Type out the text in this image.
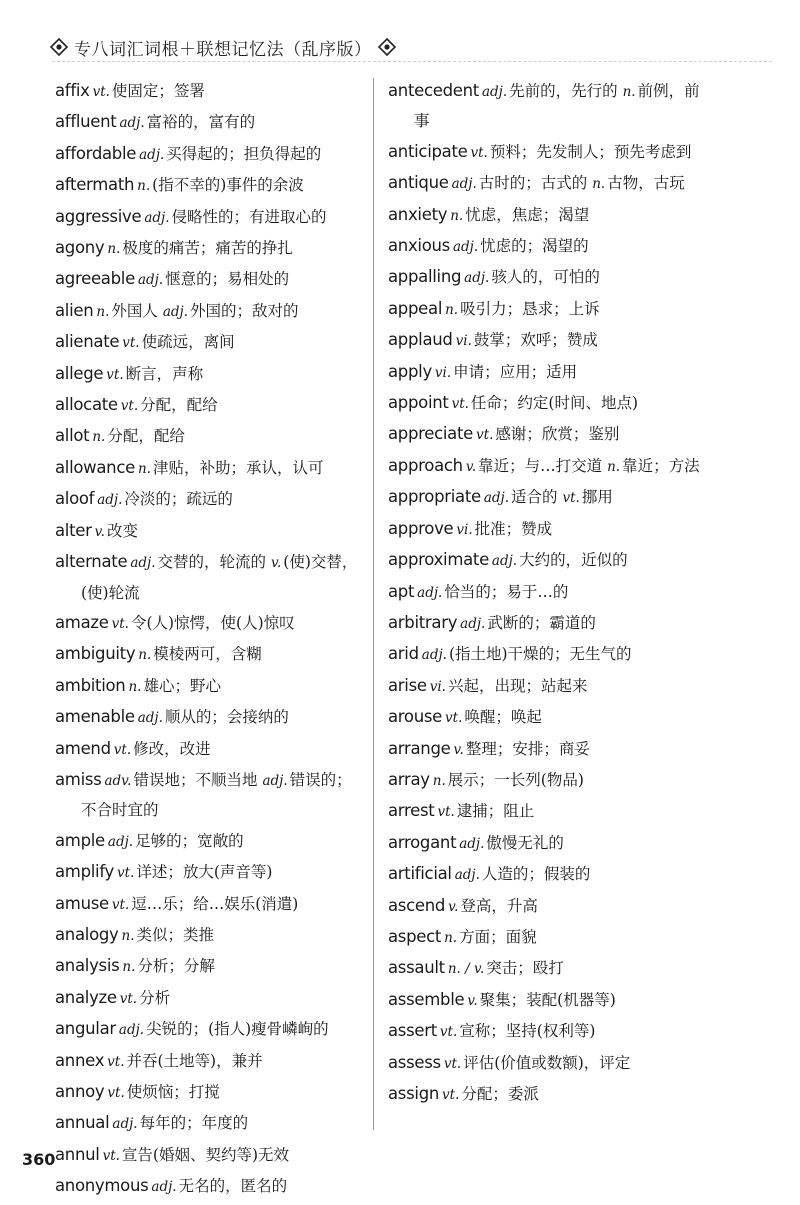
专八词汇词根＋联想记忆法（乱序版）
affix vt. 使固定；签署
affluent adj. 富裕的，富有的
affordable adj. 买得起的；担负得起的
aftermath n. (指不幸的)事件的余波
aggressive adj. 侵略性的；有进取心的
agony n. 极度的痛苦；痛苦的挣扎
agreeable adj. 惬意的；易相处的
alien n. 外国人 adj. 外国的；敌对的
alienate vt. 使疏远，离间
allege vt. 断言，声称
allocate vt. 分配，配给
allot n. 分配，配给
allowance n. 津贴，补助；承认，认可
aloof adj. 冷淡的；疏远的
alter v. 改变
alternate adj. 交替的，轮流的 v. (使)交替，(使)轮流
amaze vt. 令(人)惊愕，使(人)惊叹
ambiguity n. 模棱两可，含糊
ambition n. 雄心；野心
amenable adj. 顺从的；会接纳的
amend vt. 修改，改进
amiss adv. 错误地；不顺当地 adj. 错误的；不合时宜的
ample adj. 足够的；宽敞的
amplify vt. 详述；放大(声音等)
amuse vt. 逗…乐；给…娱乐(消遣)
analogy n. 类似；类推
analysis n. 分析；分解
analyze vt. 分析
angular adj. 尖锐的；(指人)瘦骨嶙峋的
annex vt. 并吞(土地等)，兼并
annoy vt. 使烦恼；打搅
annual adj. 每年的；年度的
annul vt. 宣告(婚姻、契约等)无效
anonymous adj. 无名的，匿名的
antecedent adj. 先前的，先行的 n. 前例，前事
anticipate vt. 预料；先发制人；预先考虑到
antique adj. 古时的；古式的 n. 古物，古玩
anxiety n. 忧虑，焦虑；渴望
anxious adj. 忧虑的；渴望的
appalling adj. 骇人的，可怕的
appeal n. 吸引力；恳求；上诉
applaud vi. 鼓掌；欢呼；赞成
apply vi. 申请；应用；适用
appoint vt. 任命；约定(时间、地点)
appreciate vt. 感谢；欣赏；鉴别
approach v. 靠近；与…打交道 n. 靠近；方法
appropriate adj. 适合的 vt. 挪用
approve vi. 批准；赞成
approximate adj. 大约的，近似的
apt adj. 恰当的；易于…的
arbitrary adj. 武断的；霸道的
arid adj. (指土地)干燥的；无生气的
arise vi. 兴起，出现；站起来
arouse vt. 唤醒；唤起
arrange v. 整理；安排；商妥
array n. 展示；一长列(物品)
arrest vt. 逮捕；阻止
arrogant adj. 傲慢无礼的
artificial adj. 人造的；假装的
ascend v. 登高，升高
aspect n. 方面；面貌
assault n. / v. 突击；殴打
assemble v. 聚集；装配(机器等)
assert vt. 宣称；坚持(权利等)
assess vt. 评估(价值或数额)，评定
assign vt. 分配；委派
360
